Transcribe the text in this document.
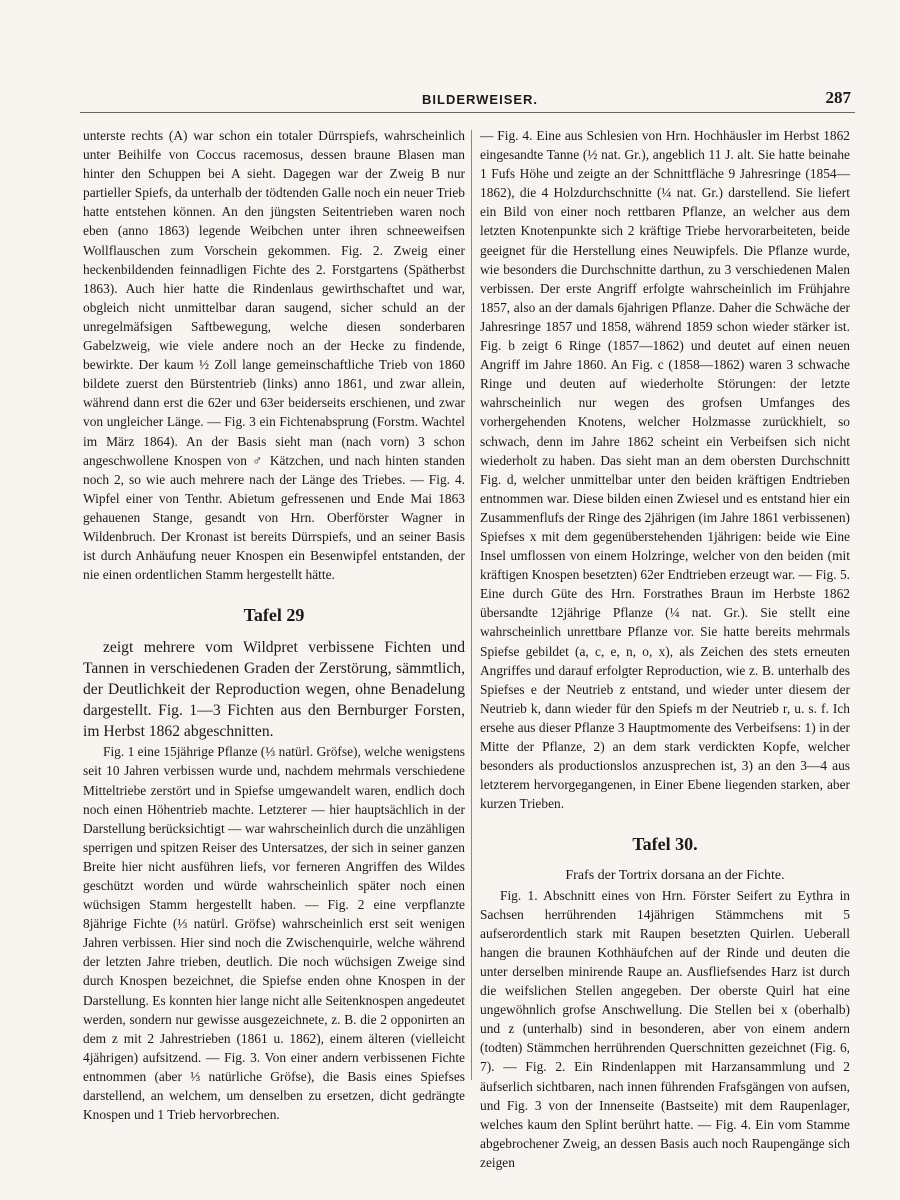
BILDERWEISER.	287

unterste rechts (A) war schon ein totaler Dürrspiefs, wahrscheinlich unter Beihilfe von Coccus racemosus, dessen braune Blasen man hinter den Schuppen bei A sieht. Dagegen war der Zweig B nur partieller Spiefs, da unterhalb der tödtenden Galle noch ein neuer Trieb hatte entstehen können. An den jüngsten Seitentrieben waren noch eben (anno 1863) legende Weibchen unter ihren schneeweifsen Wollflauschen zum Vorschein gekommen. Fig. 2. Zweig einer heckenbildenden feinnadligen Fichte des 2. Forstgartens (Spätherbst 1863). Auch hier hatte die Rindenlaus gewirthschaftet und war, obgleich nicht unmittelbar daran saugend, sicher schuld an der unregelmäfsigen Saftbewegung, welche diesen sonderbaren Gabelzweig, wie viele andere noch an der Hecke zu findende, bewirkte. Der kaum ½ Zoll lange gemeinschaftliche Trieb von 1860 bildete zuerst den Bürstentrieb (links) anno 1861, und zwar allein, während dann erst die 62er und 63er beiderseits erschienen, und zwar von ungleicher Länge. — Fig. 3 ein Fichtenabsprung (Forstm. Wachtel im März 1864). An der Basis sieht man (nach vorn) 3 schon angeschwollene Knospen von ♂ Kätzchen, und nach hinten standen noch 2, so wie auch mehrere nach der Länge des Triebes. — Fig. 4. Wipfel einer von Tenthr. Abietum gefressenen und Ende Mai 1863 gehauenen Stange, gesandt von Hrn. Oberförster Wagner in Wildenbruch. Der Kronast ist bereits Dürrspiefs, und an seiner Basis ist durch Anhäufung neuer Knospen ein Besenwipfel entstanden, der nie einen ordentlichen Stamm hergestellt hätte.

Tafel 29

zeigt mehrere vom Wildpret verbissene Fichten und Tannen in verschiedenen Graden der Zerstörung, sämmtlich, der Deutlichkeit der Reproduction wegen, ohne Benadelung dargestellt. Fig. 1—3 Fichten aus den Bernburger Forsten, im Herbst 1862 abgeschnitten.

Fig. 1 eine 15jährige Pflanze (⅓ natürl. Gröfse), welche wenigstens seit 10 Jahren verbissen wurde und, nachdem mehrmals verschiedene Mitteltriebe zerstört und in Spiefse umgewandelt waren, endlich doch noch einen Höhentrieb machte. Letzterer — hier hauptsächlich in der Darstellung berücksichtigt — war wahrscheinlich durch die unzähligen sperrigen und spitzen Reiser des Untersatzes, der sich in seiner ganzen Breite hier nicht ausführen liefs, vor ferneren Angriffen des Wildes geschützt worden und würde wahrscheinlich später noch einen wüchsigen Stamm hergestellt haben. — Fig. 2 eine verpflanzte 8jährige Fichte (⅓ natürl. Gröfse) wahrscheinlich erst seit wenigen Jahren verbissen. Hier sind noch die Zwischenquirle, welche während der letzten Jahre trieben, deutlich. Die noch wüchsigen Zweige sind durch Knospen bezeichnet, die Spiefse enden ohne Knospen in der Darstellung. Es konnten hier lange nicht alle Seitenknospen angedeutet werden, sondern nur gewisse ausgezeichnete, z. B. die 2 opponirten an dem z mit 2 Jahrestrieben (1861 u. 1862), einem älteren (vielleicht 4jährigen) aufsitzend. — Fig. 3. Von einer andern verbissenen Fichte entnommen (aber ⅓ natürliche Gröfse), die Basis eines Spiefses darstellend, an welchem, um denselben zu ersetzen, dicht gedrängte Knospen und 1 Trieb hervorbrechen.

— Fig. 4. Eine aus Schlesien von Hrn. Hochhäusler im Herbst 1862 eingesandte Tanne (½ nat. Gr.), angeblich 11 J. alt. Sie hatte beinahe 1 Fufs Höhe und zeigte an der Schnittfläche 9 Jahresringe (1854—1862), die 4 Holzdurchschnitte (¼ nat. Gr.) darstellend. Sie liefert ein Bild von einer noch rettbaren Pflanze, an welcher aus dem letzten Knotenpunkte sich 2 kräftige Triebe hervorarbeiteten, beide geeignet für die Herstellung eines Neuwipfels. Die Pflanze wurde, wie besonders die Durchschnitte darthun, zu 3 verschiedenen Malen verbissen. Der erste Angriff erfolgte wahrscheinlich im Frühjahre 1857, also an der damals 6jahrigen Pflanze. Daher die Schwäche der Jahresringe 1857 und 1858, während 1859 schon wieder stärker ist. Fig. b zeigt 6 Ringe (1857—1862) und deutet auf einen neuen Angriff im Jahre 1860. An Fig. c (1858—1862) waren 3 schwache Ringe und deuten auf wiederholte Störungen: der letzte wahrscheinlich nur wegen des grofsen Umfanges des vorhergehenden Knotens, welcher Holzmasse zurückhielt, so schwach, denn im Jahre 1862 scheint ein Verbeifsen sich nicht wiederholt zu haben. Das sieht man an dem obersten Durchschnitt Fig. d, welcher unmittelbar unter den beiden kräftigen Endtrieben entnommen war. Diese bilden einen Zwiesel und es entstand hier ein Zusammenflufs der Ringe des 2jährigen (im Jahre 1861 verbissenen) Spiefses x mit dem gegenüberstehenden 1jährigen: beide wie Eine Insel umflossen von einem Holzringe, welcher von den beiden (mit kräftigen Knospen besetzten) 62er Endtrieben erzeugt war. — Fig. 5. Eine durch Güte des Hrn. Forstrathes Braun im Herbste 1862 übersandte 12jährige Pflanze (¼ nat. Gr.). Sie stellt eine wahrscheinlich unrettbare Pflanze vor. Sie hatte bereits mehrmals Spiefse gebildet (a, c, e, n, o, x), als Zeichen des stets erneuten Angriffes und darauf erfolgter Reproduction, wie z. B. unterhalb des Spiefses e der Neutrieb z entstand, und wieder unter diesem der Neutrieb k, dann wieder für den Spiefs m der Neutrieb r, u. s. f. Ich ersehe aus dieser Pflanze 3 Hauptmomente des Verbeifsens: 1) in der Mitte der Pflanze, 2) an dem stark verdickten Kopfe, welcher besonders als productionslos anzusprechen ist, 3) an den 3—4 aus letzterem hervorgegangenen, in Einer Ebene liegenden starken, aber kurzen Trieben.

Tafel 30.

Frafs der Tortrix dorsana an der Fichte.

Fig. 1. Abschnitt eines von Hrn. Förster Seifert zu Eythra in Sachsen herrührenden 14jährigen Stämmchens mit 5 aufserordentlich stark mit Raupen besetzten Quirlen. Ueberall hangen die braunen Kothhäufchen auf der Rinde und deuten die unter derselben minirende Raupe an. Ausfliefsendes Harz ist durch die weifslichen Stellen angegeben. Der oberste Quirl hat eine ungewöhnlich grofse Anschwellung. Die Stellen bei x (oberhalb) und z (unterhalb) sind in besonderen, aber von einem andern (todten) Stämmchen herrührenden Querschnitten gezeichnet (Fig. 6, 7). — Fig. 2. Ein Rindenlappen mit Harzansammlung und 2 äufserlich sichtbaren, nach innen führenden Frafsgängen von aufsen, und Fig. 3 von der Innenseite (Bastseite) mit dem Raupenlager, welches kaum den Splint berührt hatte. — Fig. 4. Ein vom Stamme abgebrochener Zweig, an dessen Basis auch noch Raupengänge sich zeigen
